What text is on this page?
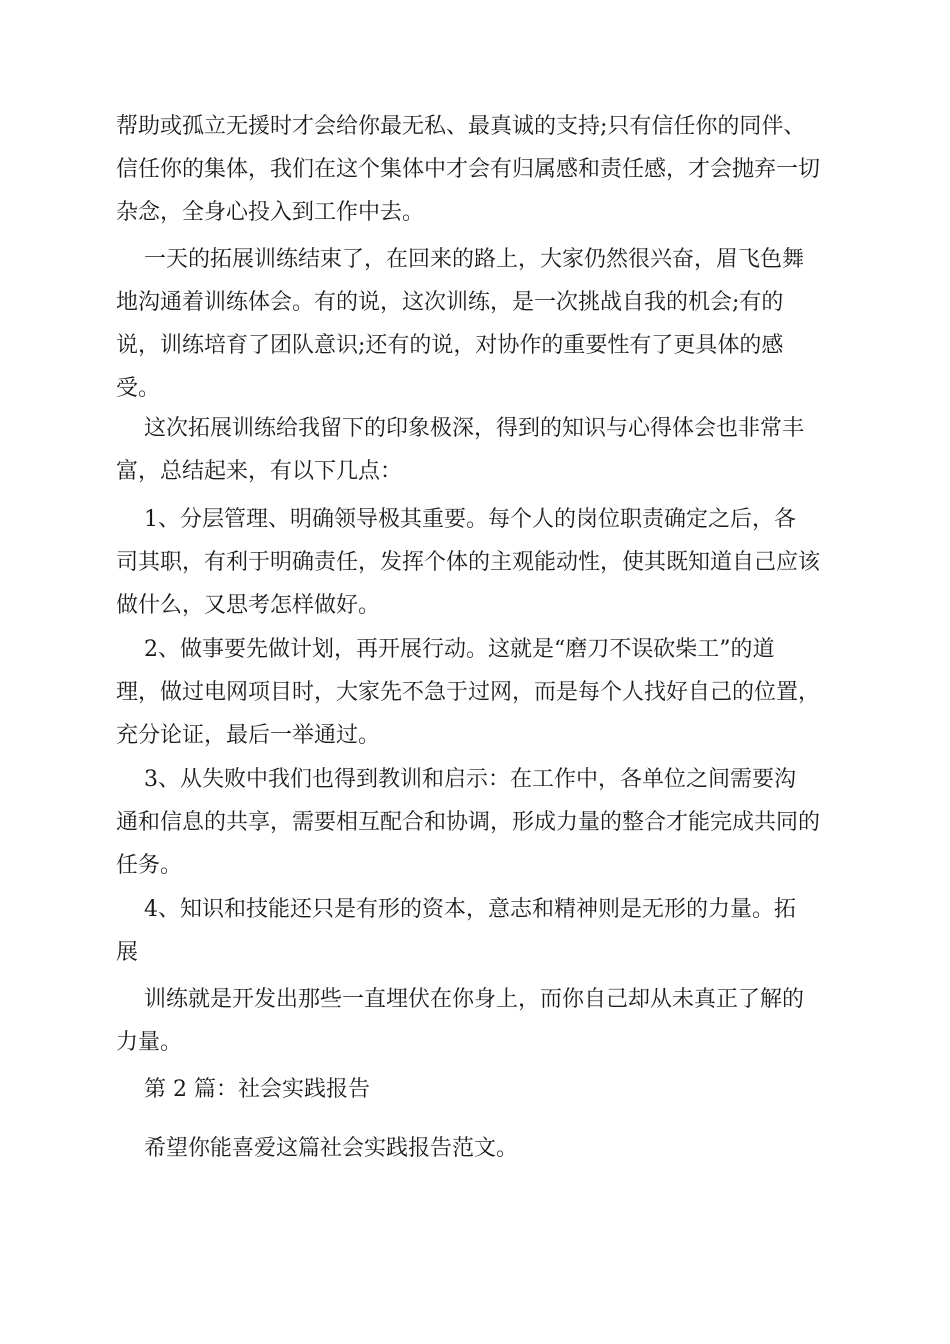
帮助或孤立无援时才会给你最无私、最真诚的支持;只有信任你的同伴、
信任你的集体，我们在这个集体中才会有归属感和责任感，才会抛弃一切
杂念，全身心投入到工作中去。
一天的拓展训练结束了，在回来的路上，大家仍然很兴奋，眉飞色舞
地沟通着训练体会。有的说，这次训练，是一次挑战自我的机会;有的
说，训练培育了团队意识;还有的说，对协作的重要性有了更具体的感
受。
这次拓展训练给我留下的印象极深，得到的知识与心得体会也非常丰
富，总结起来，有以下几点：
1、分层管理、明确领导极其重要。每个人的岗位职责确定之后，各
司其职，有利于明确责任，发挥个体的主观能动性，使其既知道自己应该
做什么，又思考怎样做好。
2、做事要先做计划，再开展行动。这就是“磨刀不误砍柴工”的道
理，做过电网项目时，大家先不急于过网，而是每个人找好自己的位置，
充分论证，最后一举通过。
3、从失败中我们也得到教训和启示：在工作中，各单位之间需要沟
通和信息的共享，需要相互配合和协调，形成力量的整合才能完成共同的
任务。
4、知识和技能还只是有形的资本，意志和精神则是无形的力量。拓
展
训练就是开发出那些一直埋伏在你身上，而你自己却从未真正了解的
力量。
第 2 篇：社会实践报告
希望你能喜爱这篇社会实践报告范文。
